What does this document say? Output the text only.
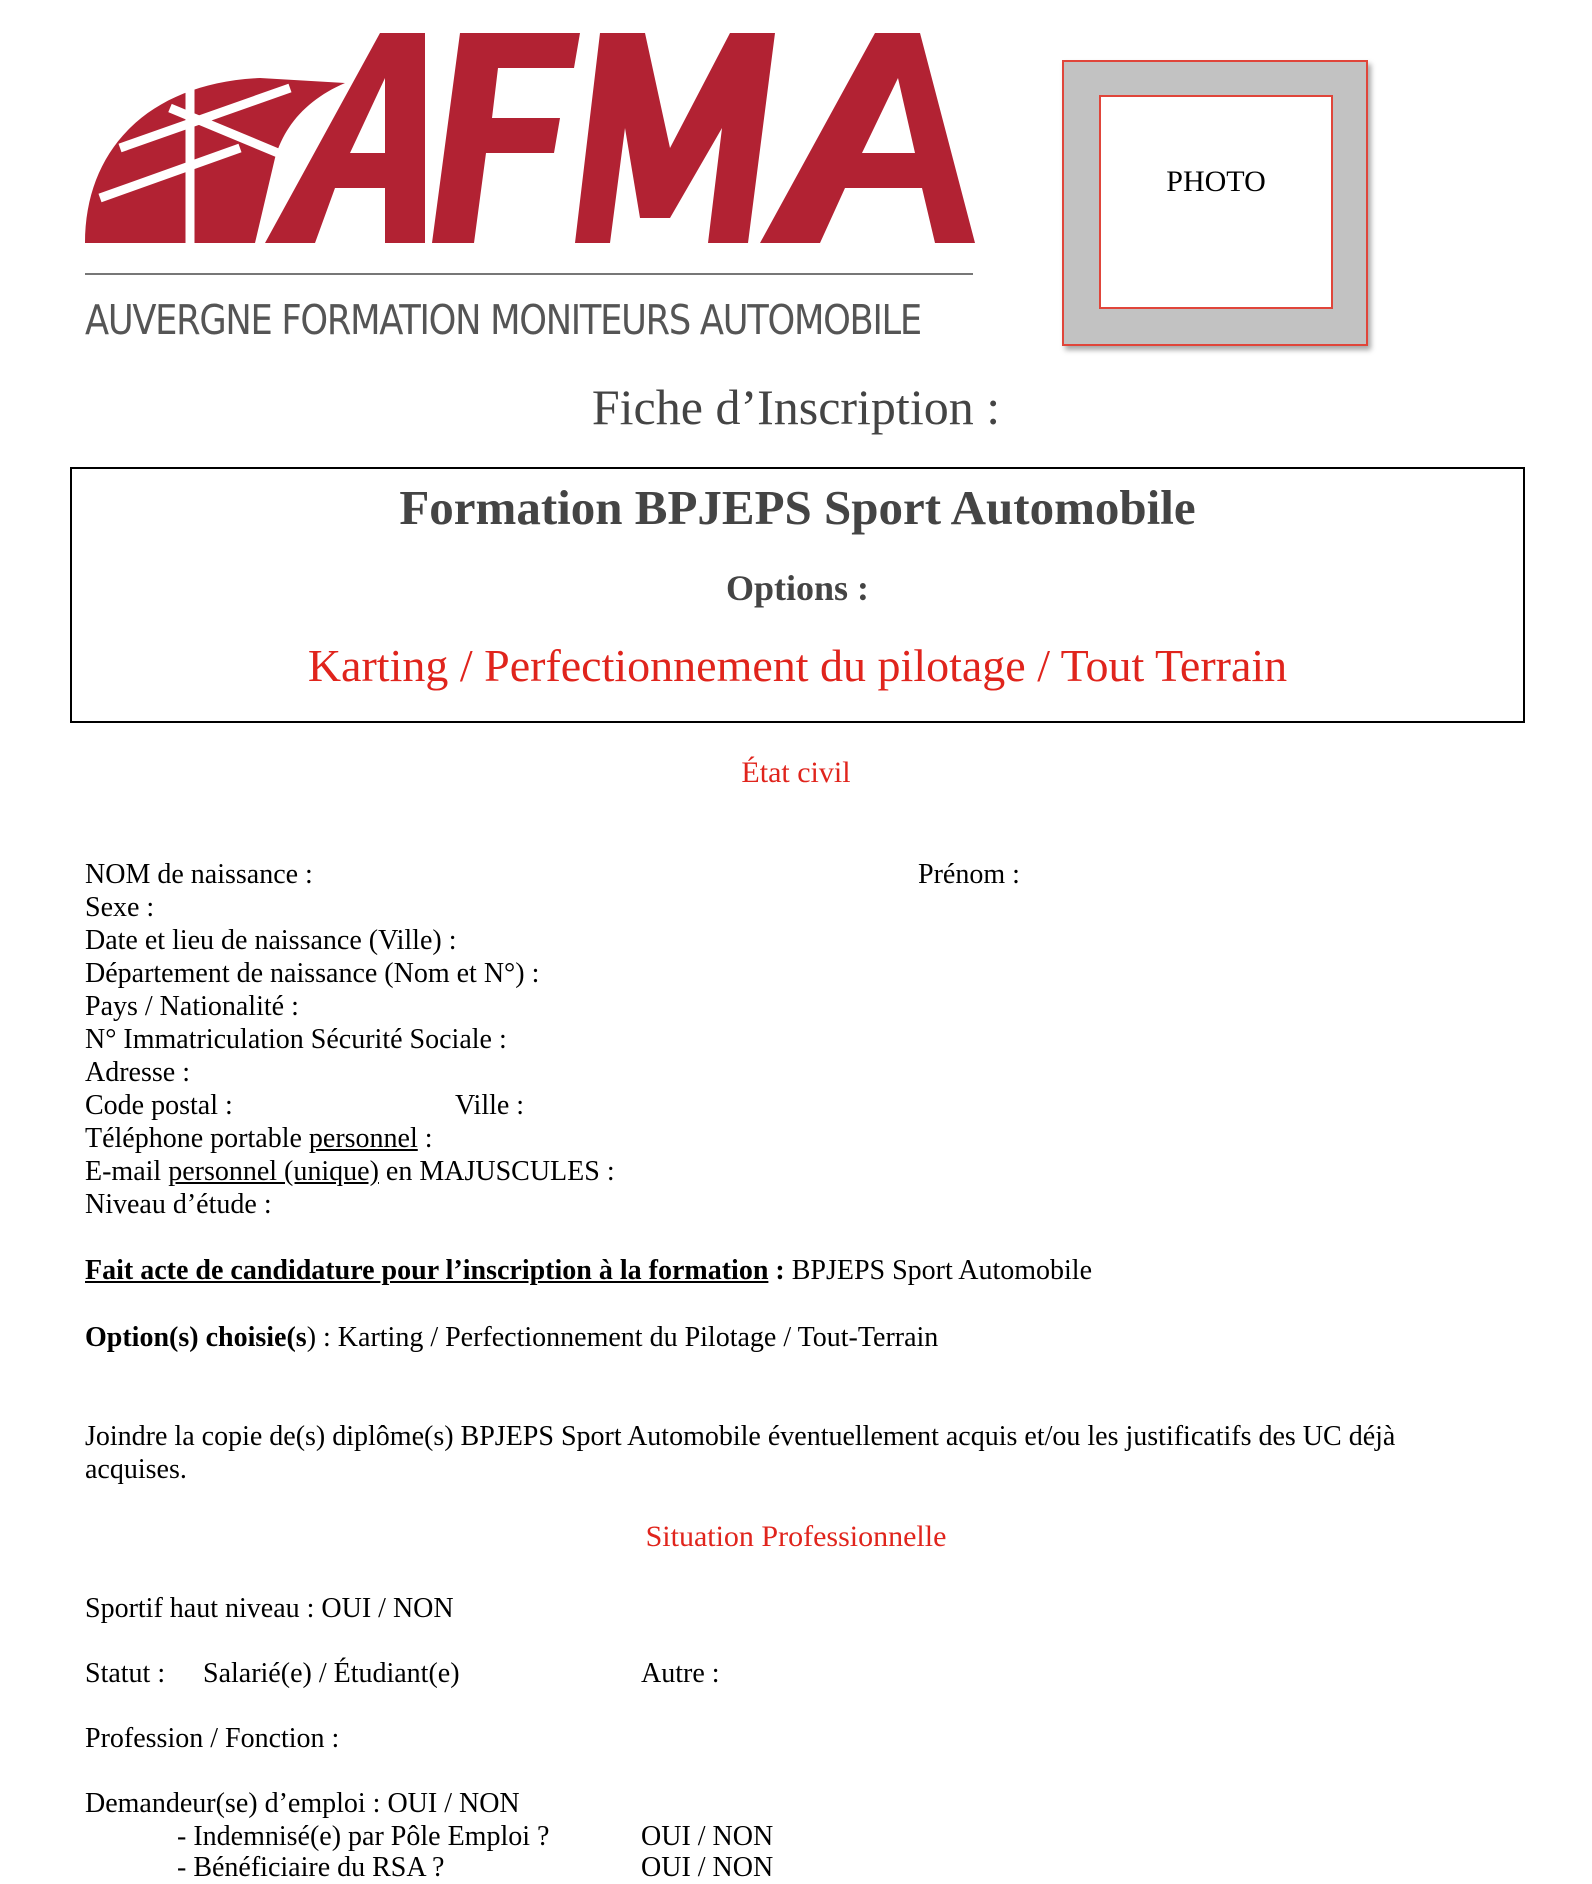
AUVERGNE FORMATION MONITEURS AUTOMOBILE
PHOTO
Fiche d’Inscription :
Formation BPJEPS Sport Automobile
Options :
Karting / Perfectionnement du pilotage / Tout Terrain
État civil
NOM de naissance :	Prénom :
Sexe :
Date et lieu de naissance (Ville) :
Département de naissance (Nom et N°) :
Pays / Nationalité :
N° Immatriculation Sécurité Sociale :
Adresse :
Code postal :	Ville :
Téléphone portable personnel :
E-mail personnel (unique) en MAJUSCULES :
Niveau d’étude :
Fait acte de candidature pour l’inscription à la formation : BPJEPS Sport Automobile
Option(s) choisie(s) : Karting / Perfectionnement du Pilotage / Tout-Terrain
Joindre la copie de(s) diplôme(s) BPJEPS Sport Automobile éventuellement acquis et/ou les justificatifs des UC déjà
acquises.
Situation Professionnelle
Sportif haut niveau : OUI / NON
Statut : Salarié(e) / Étudiant(e)	Autre :
Profession / Fonction :
Demandeur(se) d’emploi : OUI / NON
- Indemnisé(e) par Pôle Emploi ?	OUI / NON
- Bénéficiaire du RSA ?	OUI / NON
